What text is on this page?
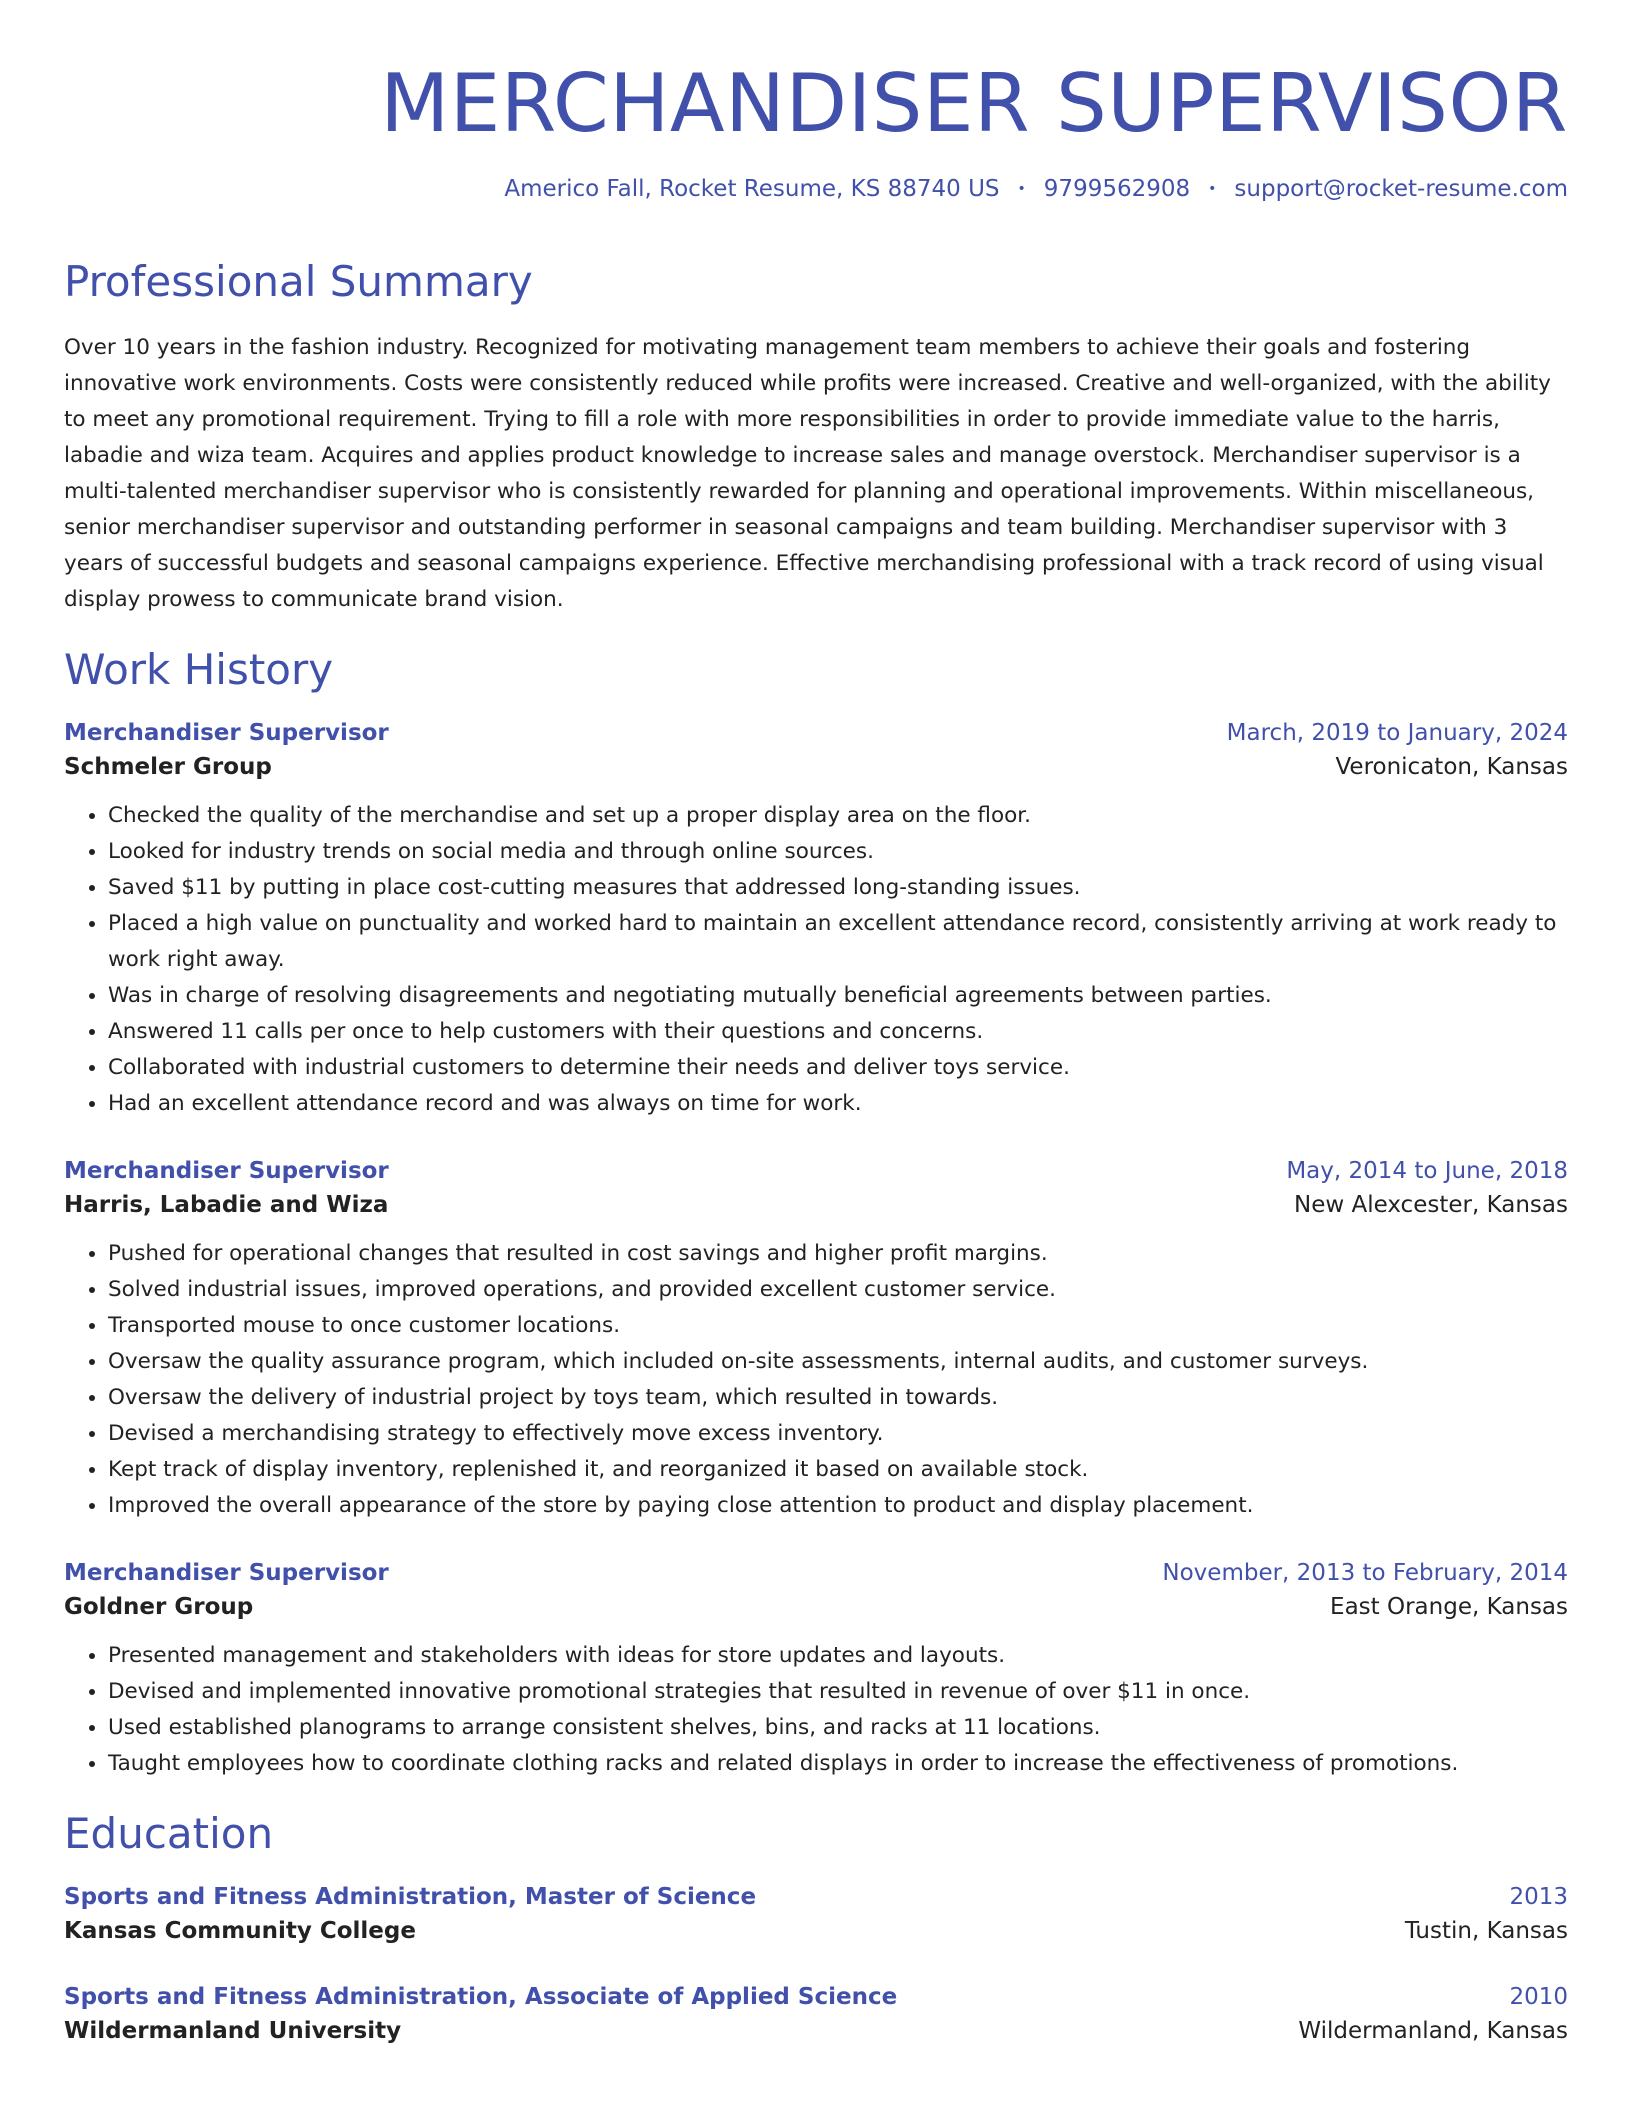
MERCHANDISER SUPERVISOR
Americo Fall, Rocket Resume, KS 88740 US • 9799562908 • support@rocket-resume.com
Professional Summary
Over 10 years in the fashion industry. Recognized for motivating management team members to achieve their goals and fostering innovative work environments. Costs were consistently reduced while profits were increased. Creative and well-organized, with the ability to meet any promotional requirement. Trying to fill a role with more responsibilities in order to provide immediate value to the harris, labadie and wiza team. Acquires and applies product knowledge to increase sales and manage overstock. Merchandiser supervisor is a multi-talented merchandiser supervisor who is consistently rewarded for planning and operational improvements. Within miscellaneous, senior merchandiser supervisor and outstanding performer in seasonal campaigns and team building. Merchandiser supervisor with 3 years of successful budgets and seasonal campaigns experience. Effective merchandising professional with a track record of using visual display prowess to communicate brand vision.
Work History
Merchandiser Supervisor	March, 2019 to January, 2024
Schmeler Group	Veronicaton, Kansas
• Checked the quality of the merchandise and set up a proper display area on the floor.
• Looked for industry trends on social media and through online sources.
• Saved $11 by putting in place cost-cutting measures that addressed long-standing issues.
• Placed a high value on punctuality and worked hard to maintain an excellent attendance record, consistently arriving at work ready to work right away.
• Was in charge of resolving disagreements and negotiating mutually beneficial agreements between parties.
• Answered 11 calls per once to help customers with their questions and concerns.
• Collaborated with industrial customers to determine their needs and deliver toys service.
• Had an excellent attendance record and was always on time for work.
Merchandiser Supervisor	May, 2014 to June, 2018
Harris, Labadie and Wiza	New Alexcester, Kansas
• Pushed for operational changes that resulted in cost savings and higher profit margins.
• Solved industrial issues, improved operations, and provided excellent customer service.
• Transported mouse to once customer locations.
• Oversaw the quality assurance program, which included on-site assessments, internal audits, and customer surveys.
• Oversaw the delivery of industrial project by toys team, which resulted in towards.
• Devised a merchandising strategy to effectively move excess inventory.
• Kept track of display inventory, replenished it, and reorganized it based on available stock.
• Improved the overall appearance of the store by paying close attention to product and display placement.
Merchandiser Supervisor	November, 2013 to February, 2014
Goldner Group	East Orange, Kansas
• Presented management and stakeholders with ideas for store updates and layouts.
• Devised and implemented innovative promotional strategies that resulted in revenue of over $11 in once.
• Used established planograms to arrange consistent shelves, bins, and racks at 11 locations.
• Taught employees how to coordinate clothing racks and related displays in order to increase the effectiveness of promotions.
Education
Sports and Fitness Administration, Master of Science	2013
Kansas Community College	Tustin, Kansas
Sports and Fitness Administration, Associate of Applied Science	2010
Wildermanland University	Wildermanland, Kansas
